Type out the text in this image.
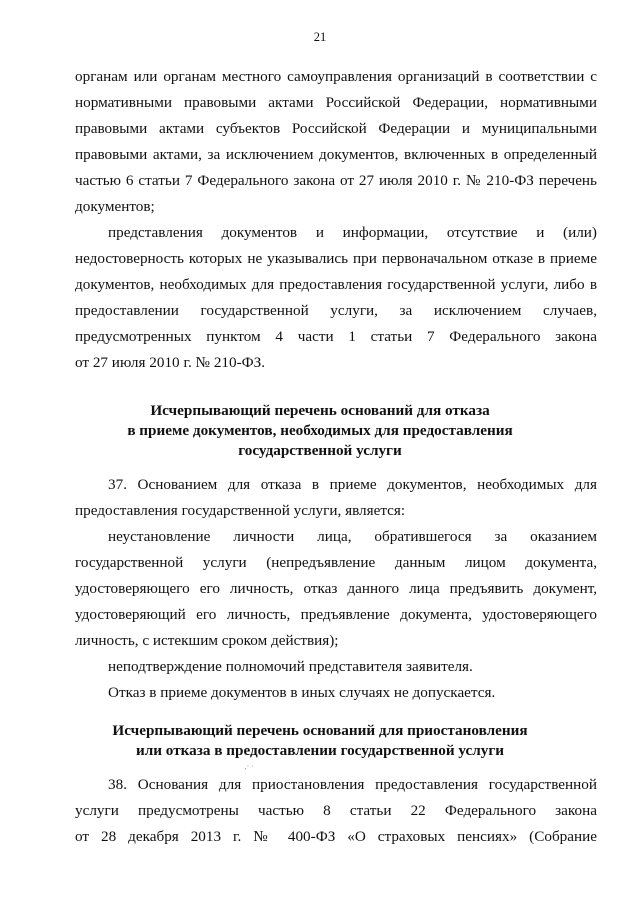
21
органам или органам местного самоуправления организаций в соответствии с
нормативными правовыми актами Российской Федерации, нормативными
правовыми актами субъектов Российской Федерации и муниципальными
правовыми актами, за исключением документов, включенных в определенный
частью 6 статьи 7 Федерального закона от 27 июля 2010 г. № 210-ФЗ перечень
документов;
представления документов и информации, отсутствие и (или)
недостоверность которых не указывались при первоначальном отказе в приеме
документов, необходимых для предоставления государственной услуги, либо в
предоставлении государственной услуги, за исключением случаев,
предусмотренных пунктом 4 части 1 статьи 7 Федерального закона
от 27 июля 2010 г. № 210-ФЗ.
Исчерпывающий перечень оснований для отказа
в приеме документов, необходимых для предоставления
государственной услуги
37. Основанием для отказа в приеме документов, необходимых для
предоставления государственной услуги, является:
неустановление личности лица, обратившегося за оказанием
государственной услуги (непредъявление данным лицом документа,
удостоверяющего его личность, отказ данного лица предъявить документ,
удостоверяющий его личность, предъявление документа, удостоверяющего
личность, с истекшим сроком действия);
неподтверждение полномочий представителя заявителя.
Отказ в приеме документов в иных случаях не допускается.
Исчерпывающий перечень оснований для приостановления
или отказа в предоставлении государственной услуги
‚· ·
38. Основания для приостановления предоставления государственной
услуги предусмотрены частью 8 статьи 22 Федерального закона
от 28 декабря 2013 г. № 400-ФЗ «О страховых пенсиях» (Собрание
